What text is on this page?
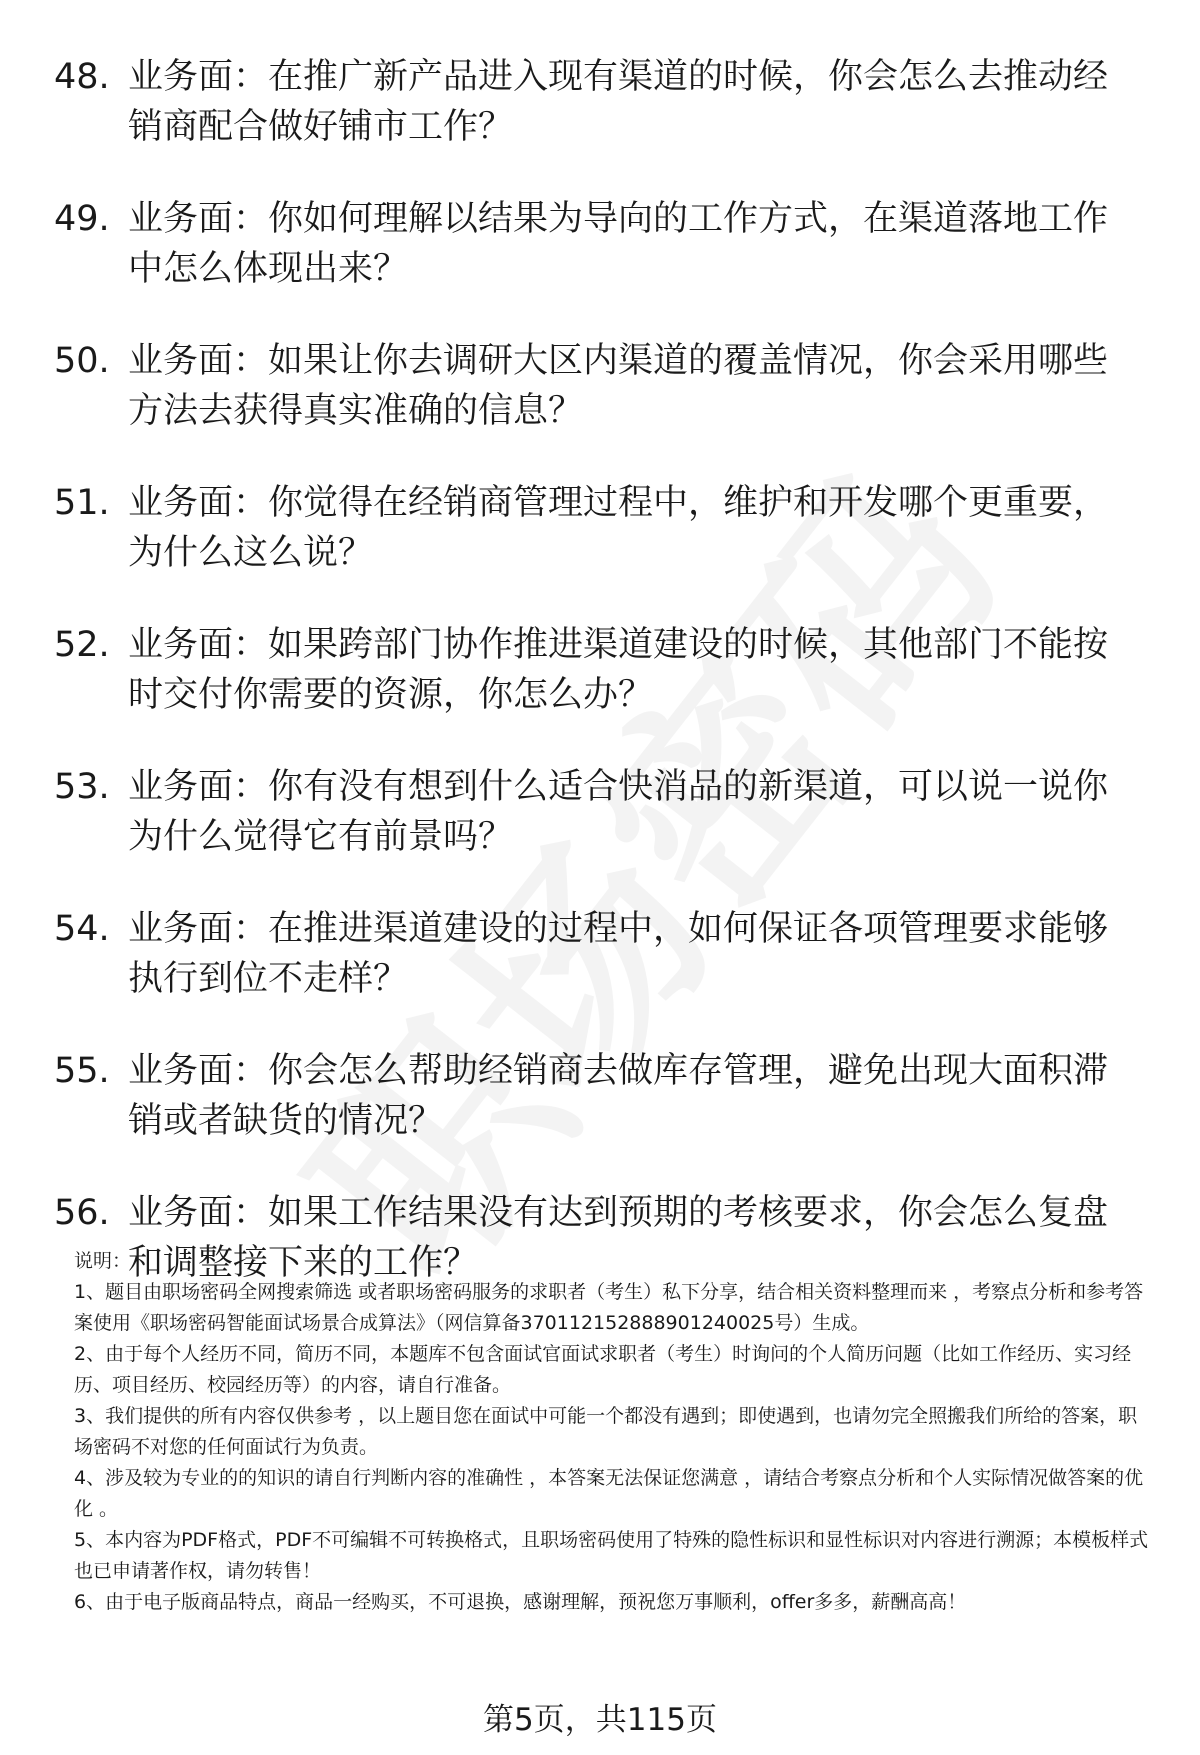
48. 业务面：在推广新产品进入现有渠道的时候，你会怎么去推动经销商配合做好铺市工作？
49. 业务面：你如何理解以结果为导向的工作方式，在渠道落地工作中怎么体现出来？
50. 业务面：如果让你去调研大区内渠道的覆盖情况，你会采用哪些方法去获得真实准确的信息？
51. 业务面：你觉得在经销商管理过程中，维护和开发哪个更重要，为什么这么说？
52. 业务面：如果跨部门协作推进渠道建设的时候，其他部门不能按时交付你需要的资源，你怎么办？
53. 业务面：你有没有想到什么适合快消品的新渠道，可以说一说你为什么觉得它有前景吗？
54. 业务面：在推进渠道建设的过程中，如何保证各项管理要求能够执行到位不走样？
55. 业务面：你会怎么帮助经销商去做库存管理，避免出现大面积滞销或者缺货的情况？
56. 业务面：如果工作结果没有达到预期的考核要求，你会怎么复盘和调整接下来的工作？
说明：
1、题目由职场密码全网搜索筛选 或者职场密码服务的求职者（考生）私下分享，结合相关资料整理而来 ，考察点分析和参考答案使用《职场密码智能面试场景合成算法》（网信算备370112152888901240025号）生成。
2、由于每个人经历不同，简历不同，本题库不包含面试官面试求职者（考生）时询问的个人简历问题（比如工作经历、实习经历、项目经历、校园经历等）的内容，请自行准备。
3、我们提供的所有内容仅供参考 ，以上题目您在面试中可能一个都没有遇到；即使遇到，也请勿完全照搬我们所给的答案，职场密码不对您的任何面试行为负责。
4、涉及较为专业的的知识的请自行判断内容的准确性 ，本答案无法保证您满意 ，请结合考察点分析和个人实际情况做答案的优化 。
5、本内容为PDF格式，PDF不可编辑不可转换格式，且职场密码使用了特殊的隐性标识和显性标识对内容进行溯源；本模板样式也已申请著作权，请勿转售！
6、由于电子版商品特点，商品一经购买，不可退换，感谢理解，预祝您万事顺利，offer多多，薪酬高高！
第5页，共115页
